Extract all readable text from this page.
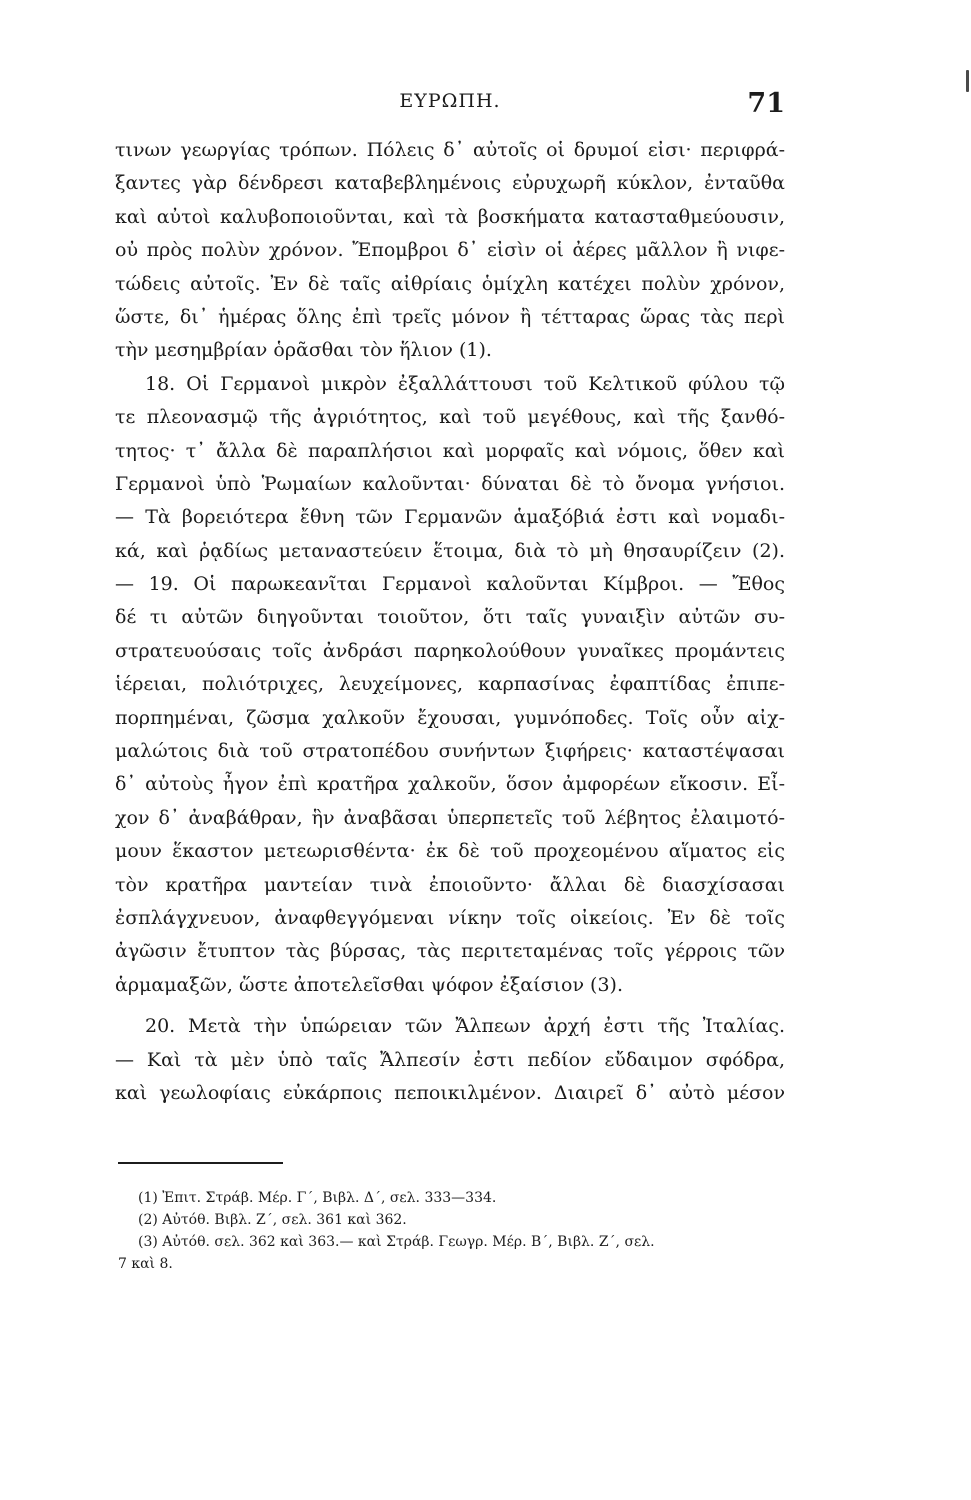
ΕΥΡΩΠΗ.	71
τινων γεωργίας τρόπων. Πόλεις δ᾽ αὐτοῖς οἱ δρυμοί εἰσι· περιφρά-
ξαντες γὰρ δένδρεσι καταβεβλημένοις εὐρυχωρῆ κύκλον, ἐνταῦθα
καὶ αὐτοὶ καλυβοποιοῦνται, καὶ τὰ βοσκήματα κατασταθμεύουσιν,
οὐ πρὸς πολὺν χρόνον. Ἔπομβροι δ᾽ εἰσὶν οἱ ἀέρες μᾶλλον ἢ νιφε-
τώδεις αὐτοῖς. Ἐν δὲ ταῖς αἰθρίαις ὁμίχλη κατέχει πολὺν χρόνον,
ὥστε, δι᾽ ἡμέρας ὅλης ἐπὶ τρεῖς μόνον ἢ τέτταρας ὥρας τὰς περὶ
τὴν μεσημβρίαν ὁρᾶσθαι τὸν ἥλιον (1).
18. Οἱ Γερμανοὶ μικρὸν ἐξαλλάττουσι τοῦ Κελτικοῦ φύλου τῷ
τε πλεονασμῷ τῆς ἀγριότητος, καὶ τοῦ μεγέθους, καὶ τῆς ξανθό-
τητος· τ᾽ ἄλλα δὲ παραπλήσιοι καὶ μορφαῖς καὶ νόμοις, ὅθεν καὶ
Γερμανοὶ ὑπὸ Ῥωμαίων καλοῦνται· δύναται δὲ τὸ ὄνομα γνήσιοι.
— Τὰ βορειότερα ἔθνη τῶν Γερμανῶν ἁμαξόβιά ἐστι καὶ νομαδι-
κά, καὶ ῥᾳδίως μεταναστεύειν ἕτοιμα, διὰ τὸ μὴ θησαυρίζειν (2).
— 19. Οἱ παρωκεανῖται Γερμανοὶ καλοῦνται Κίμβροι. — Ἔθος
δέ τι αὐτῶν διηγοῦνται τοιοῦτον, ὅτι ταῖς γυναιξὶν αὐτῶν συ-
στρατευούσαις τοῖς ἀνδράσι παρηκολούθουν γυναῖκες προμάντεις
ἱέρειαι, πολιότριχες, λευχείμονες, καρπασίνας ἐφαπτίδας ἐπιπε-
πορπημέναι, ζῶσμα χαλκοῦν ἔχουσαι, γυμνόποδες. Τοῖς οὖν αἰχ-
μαλώτοις διὰ τοῦ στρατοπέδου συνήντων ξιφήρεις· καταστέψασαι
δ᾽ αὐτοὺς ἦγον ἐπὶ κρατῆρα χαλκοῦν, ὅσον ἀμφορέων εἴκοσιν. Εἶ-
χον δ᾽ ἀναβάθραν, ἣν ἀναβᾶσαι ὑπερπετεῖς τοῦ λέβητος ἐλαιμοτό-
μουν ἕκαστον μετεωρισθέντα· ἐκ δὲ τοῦ προχεομένου αἵματος εἰς
τὸν κρατῆρα μαντείαν τινὰ ἐποιοῦντο· ἄλλαι δὲ διασχίσασαι
ἐσπλάγχνευον, ἀναφθεγγόμεναι νίκην τοῖς οἰκείοις. Ἐν δὲ τοῖς
ἀγῶσιν ἔτυπτον τὰς βύρσας, τὰς περιτεταμένας τοῖς γέρροις τῶν
ἁρμαμαξῶν, ὥστε ἀποτελεῖσθαι ψόφον ἐξαίσιον (3).
20. Μετὰ τὴν ὑπώρειαν τῶν Ἄλπεων ἀρχή ἐστι τῆς Ἰταλίας.
— Καὶ τὰ μὲν ὑπὸ ταῖς Ἄλπεσίν ἐστι πεδίον εὔδαιμον σφόδρα,
καὶ γεωλοφίαις εὐκάρποις πεποικιλμένον. Διαιρεῖ δ᾽ αὐτὸ μέσον
(1) Ἐπιτ. Στράβ. Μέρ. Γ΄, Βιβλ. Δ΄, σελ. 333—334.
(2) Αὐτόθ. Βιβλ. Ζ΄, σελ. 361 καὶ 362.
(3) Αὐτόθ. σελ. 362 καὶ 363.— καὶ Στράβ. Γεωγρ. Μέρ. Β΄, Βιβλ. Ζ΄, σελ.
7 καὶ 8.
